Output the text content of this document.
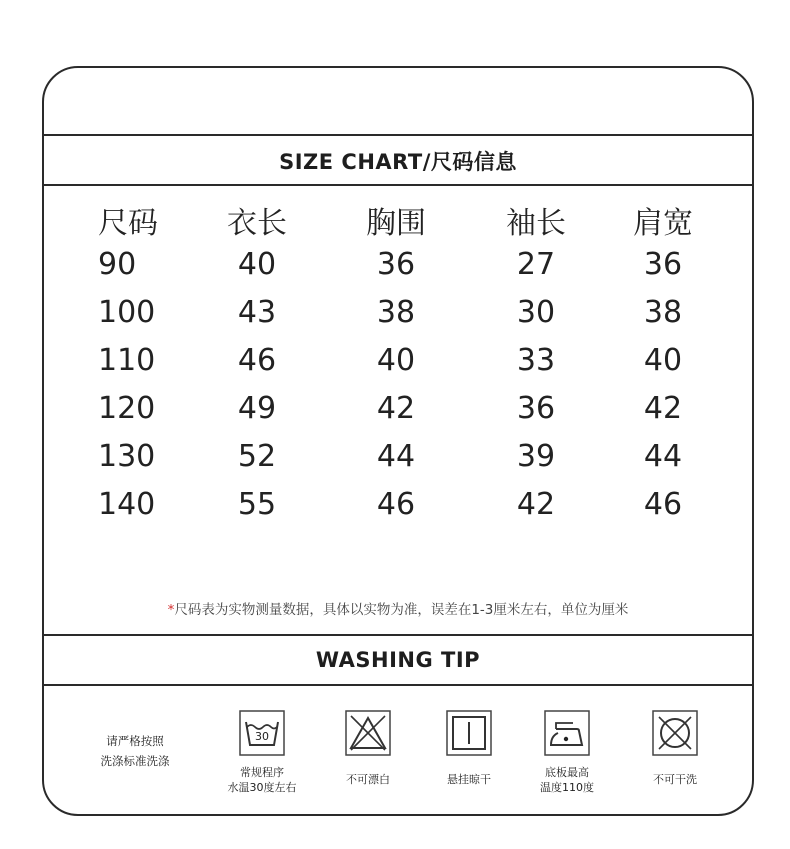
SIZE CHART/尺码信息
尺码	衣长	胸围	袖长	肩宽
90	40	36	27	36
100	43	38	30	38
110	46	40	33	40
120	49	42	36	42
130	52	44	39	44
140	55	46	42	46
*尺码表为实物测量数据，具体以实物为准，误差在1-3厘米左右，单位为厘米
WASHING TIP
请严格按照
洗涤标准洗涤
30
常规程序
水温30度左右
不可漂白	悬挂晾干
底板最高
温度110度
不可干洗
